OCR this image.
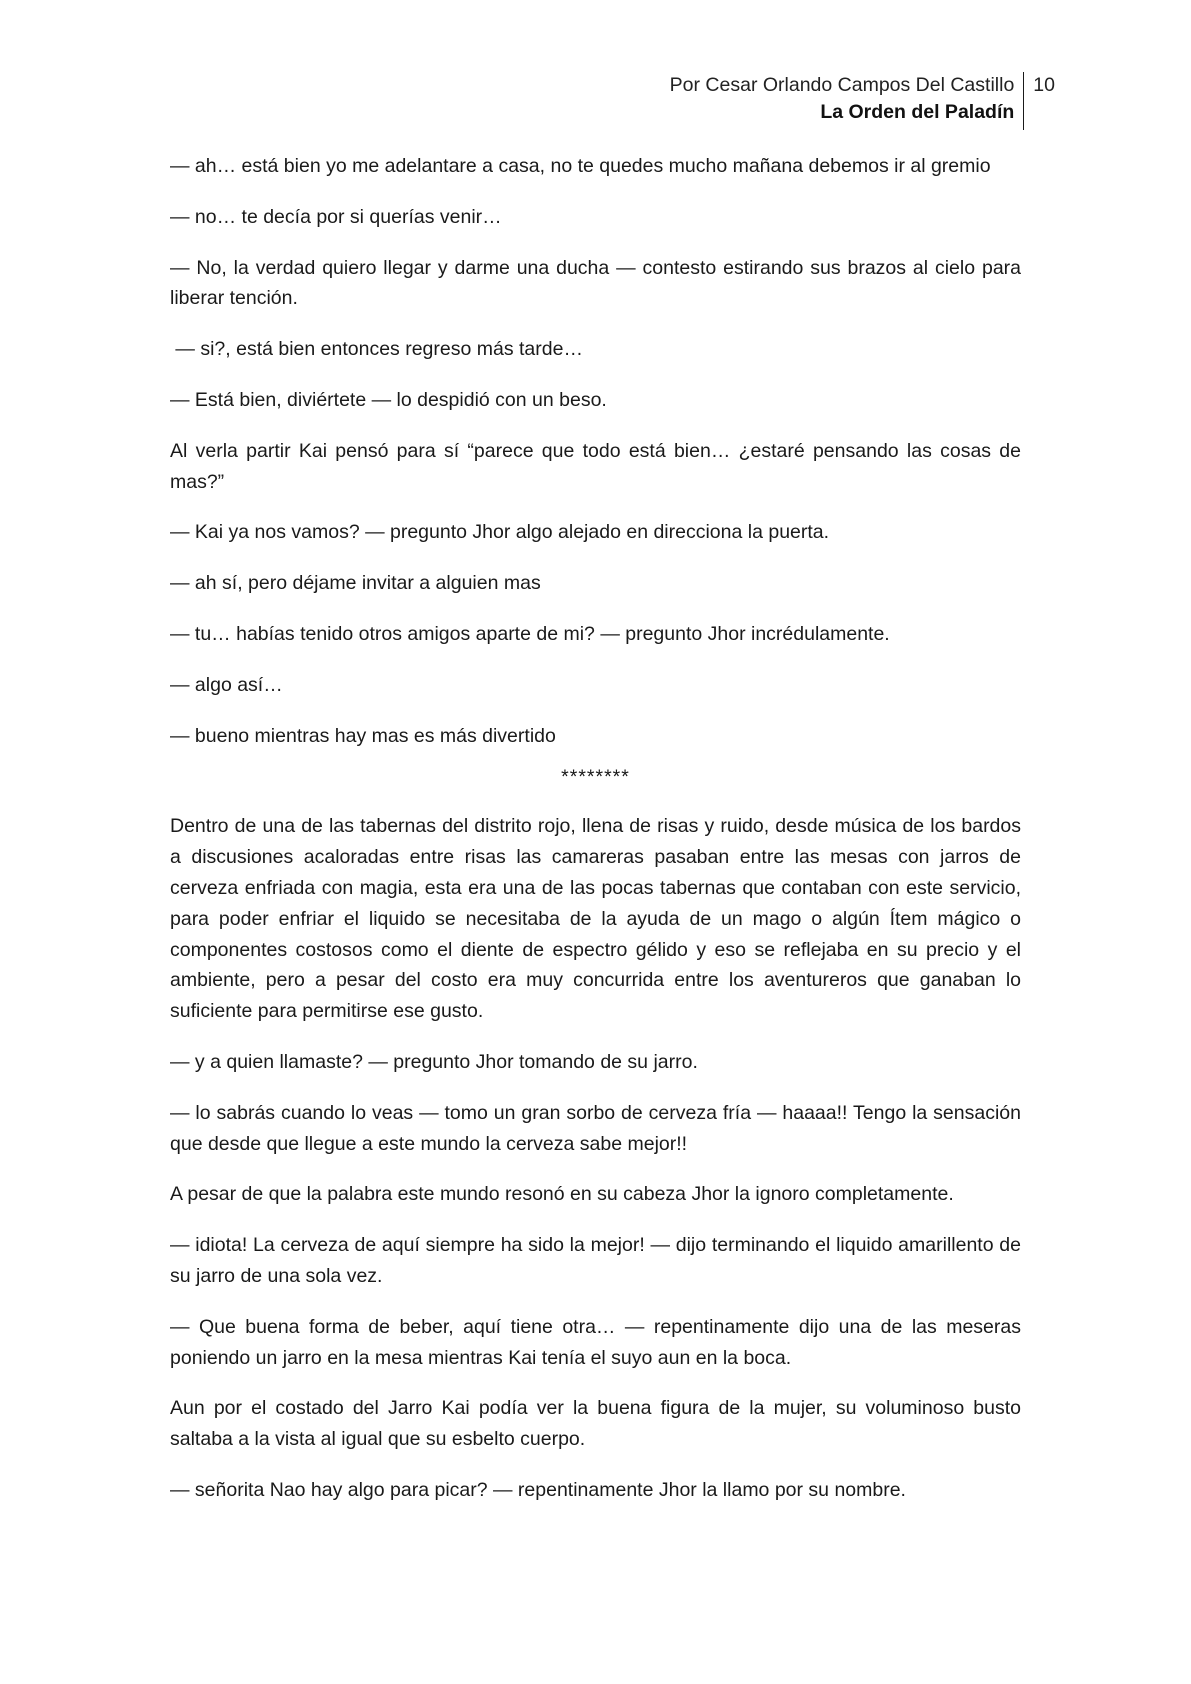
Por Cesar Orlando Campos Del Castillo
La Orden del Paladín
10

— ah… está bien yo me adelantare a casa, no te quedes mucho mañana debemos ir al gremio

— no… te decía por si querías venir…

— No, la verdad quiero llegar y darme una ducha — contesto estirando sus brazos al cielo para liberar tención.

— si?, está bien entonces regreso más tarde…

— Está bien, diviértete — lo despidió con un beso.

Al verla partir Kai pensó para sí “parece que todo está bien… ¿estaré pensando las cosas de mas?”

— Kai ya nos vamos? — pregunto Jhor algo alejado en direcciona la puerta.

— ah sí, pero déjame invitar a alguien mas

— tu… habías tenido otros amigos aparte de mi? — pregunto Jhor incrédulamente.

— algo así…

— bueno mientras hay mas es más divertido

********

Dentro de una de las tabernas del distrito rojo, llena de risas y ruido, desde música de los bardos a discusiones acaloradas entre risas las camareras pasaban entre las mesas con jarros de cerveza enfriada con magia, esta era una de las pocas tabernas que contaban con este servicio, para poder enfriar el liquido se necesitaba de la ayuda de un mago o algún Ítem mágico o componentes costosos como el diente de espectro gélido y eso se reflejaba en su precio y el ambiente, pero a pesar del costo era muy concurrida entre los aventureros que ganaban lo suficiente para permitirse ese gusto.

— y a quien llamaste? — pregunto Jhor tomando de su jarro.

— lo sabrás cuando lo veas — tomo un gran sorbo de cerveza fría — haaaa!! Tengo la sensación que desde que llegue a este mundo la cerveza sabe mejor!!

A pesar de que la palabra este mundo resonó en su cabeza Jhor la ignoro completamente.

— idiota! La cerveza de aquí siempre ha sido la mejor! — dijo terminando el liquido amarillento de su jarro de una sola vez.

— Que buena forma de beber, aquí tiene otra… — repentinamente dijo una de las meseras poniendo un jarro en la mesa mientras Kai tenía el suyo aun en la boca.

Aun por el costado del Jarro Kai podía ver la buena figura de la mujer, su voluminoso busto saltaba a la vista al igual que su esbelto cuerpo.

— señorita Nao hay algo para picar? — repentinamente Jhor la llamo por su nombre.
